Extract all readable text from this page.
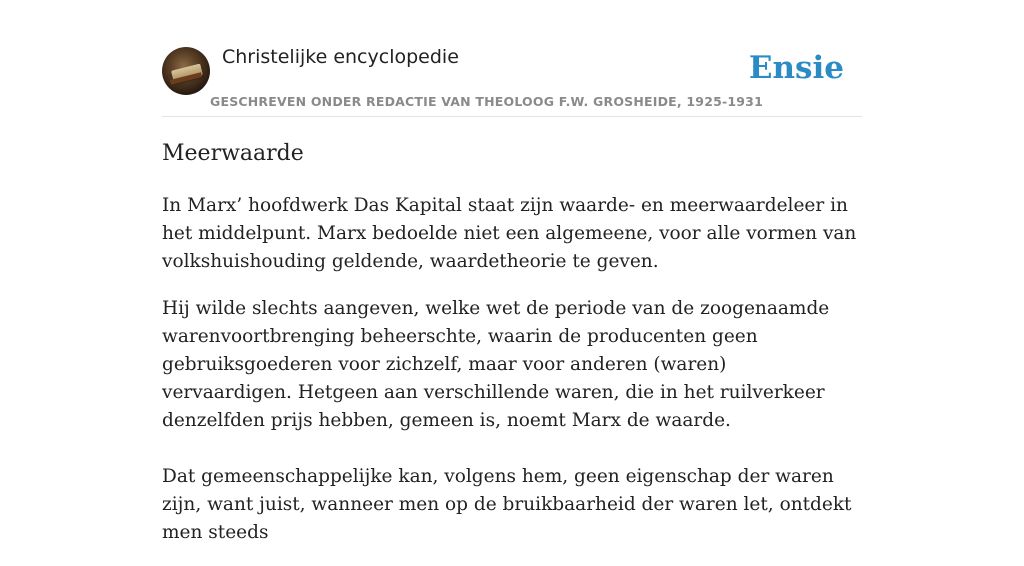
Christelijke encyclopedie
GESCHREVEN ONDER REDACTIE VAN THEOLOOG F.W. GROSHEIDE, 1925-1931
Ensie
Meerwaarde

In Marx’ hoofdwerk Das Kapital staat zijn waarde- en meerwaardeleer in het middelpunt. Marx bedoelde niet een algemeene, voor alle vormen van volkshuishouding geldende, waardetheorie te geven.

Hij wilde slechts aangeven, welke wet de periode van de zoogenaamde warenvoortbrenging beheerschte, waarin de producenten geen gebruiksgoederen voor zichzelf, maar voor anderen (waren) vervaardigen. Hetgeen aan verschillende waren, die in het ruilverkeer denzelfden prijs hebben, gemeen is, noemt Marx de waarde.

Dat gemeenschappelijke kan, volgens hem, geen eigenschap der waren zijn, want juist, wanneer men op de bruikbaarheid der waren let, ontdekt men steeds
